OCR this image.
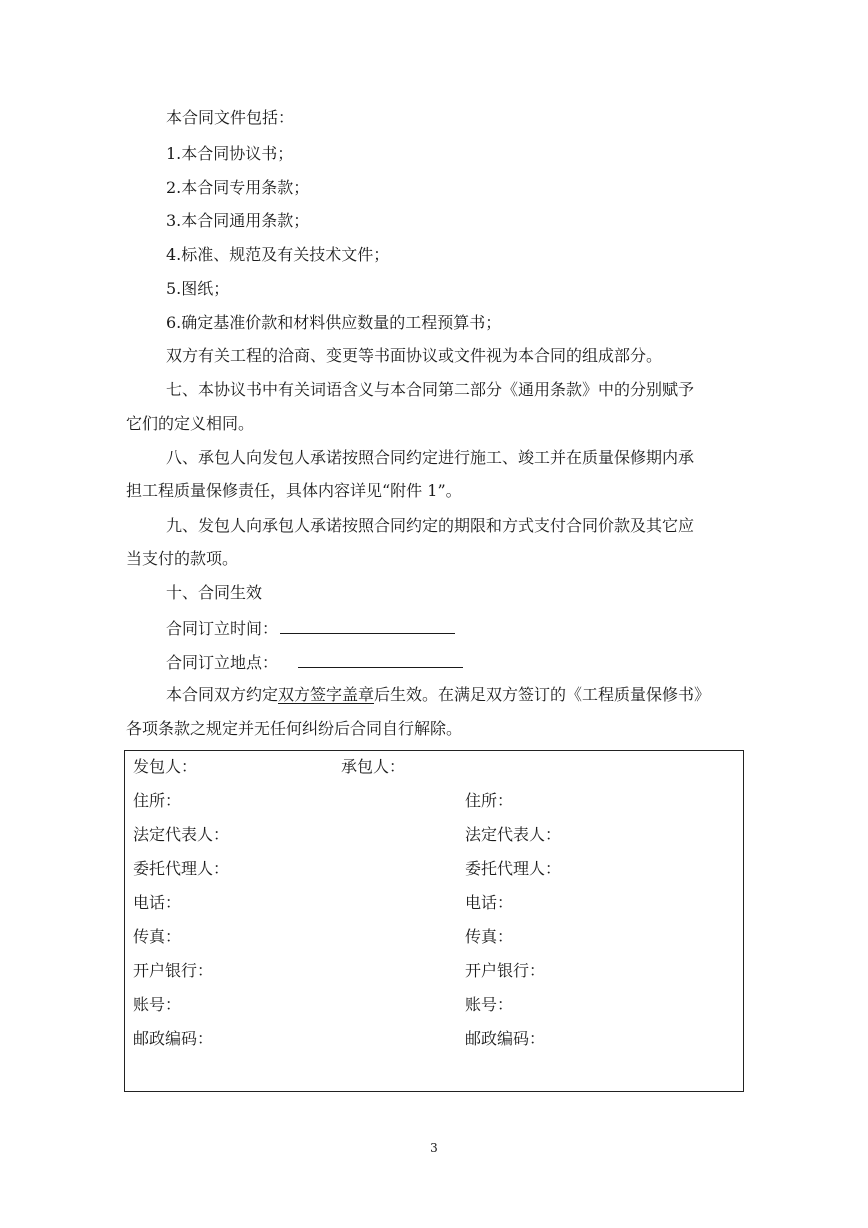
本合同文件包括：
1.本合同协议书；
2.本合同专用条款；
3.本合同通用条款；
4.标准、规范及有关技术文件；
5.图纸；
6.确定基准价款和材料供应数量的工程预算书；
双方有关工程的洽商、变更等书面协议或文件视为本合同的组成部分。
七、本协议书中有关词语含义与本合同第二部分《通用条款》中的分别赋予
它们的定义相同。
八、承包人向发包人承诺按照合同约定进行施工、竣工并在质量保修期内承
担工程质量保修责任，具体内容详见“附件 1”。
九、发包人向承包人承诺按照合同约定的期限和方式支付合同价款及其它应
当支付的款项。
十、合同生效
合同订立时间：
合同订立地点：
本合同双方约定双方签字盖章后生效。在满足双方签订的《工程质量保修书》
各项条款之规定并无任何纠纷后合同自行解除。
发包人：	承包人：
住所：	住所：
法定代表人：	法定代表人：
委托代理人：	委托代理人：
电话：	电话：
传真：	传真：
开户银行：	开户银行：
账号：	账号：
邮政编码：	邮政编码：
3
